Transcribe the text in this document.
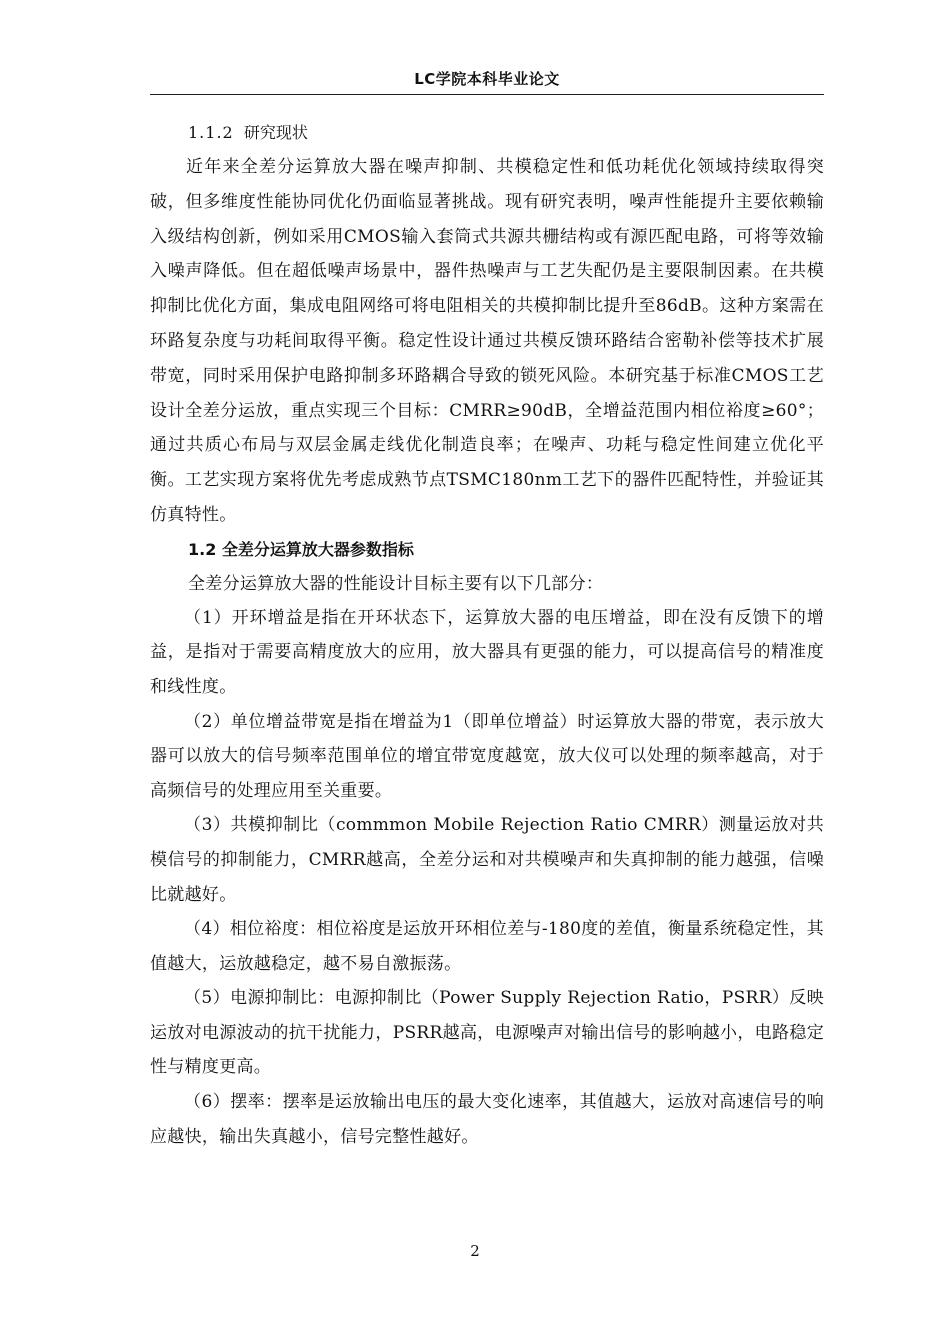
LC学院本科毕业论文
1.1.2 研究现状

近年来全差分运算放大器在噪声抑制、共模稳定性和低功耗优化领域持续取得突破，但多维度性能协同优化仍面临显著挑战。现有研究表明，噪声性能提升主要依赖输入级结构创新，例如采用CMOS输入套筒式共源共栅结构或有源匹配电路，可将等效输入噪声降低。但在超低噪声场景中，器件热噪声与工艺失配仍是主要限制因素。在共模抑制比优化方面，集成电阻网络可将电阻相关的共模抑制比提升至86dB。这种方案需在环路复杂度与功耗间取得平衡。稳定性设计通过共模反馈环路结合密勒补偿等技术扩展带宽，同时采用保护电路抑制多环路耦合导致的锁死风险。本研究基于标准CMOS工艺设计全差分运放，重点实现三个目标：CMRR≥90dB，全增益范围内相位裕度≥60°；通过共质心布局与双层金属走线优化制造良率；在噪声、功耗与稳定性间建立优化平衡。工艺实现方案将优先考虑成熟节点TSMC180nm工艺下的器件匹配特性，并验证其仿真特性。

1.2 全差分运算放大器参数指标

全差分运算放大器的性能设计目标主要有以下几部分：

（1）开环增益是指在开环状态下，运算放大器的电压增益，即在没有反馈下的增益，是指对于需要高精度放大的应用，放大器具有更强的能力，可以提高信号的精准度和线性度。

（2）单位增益带宽是指在增益为1（即单位增益）时运算放大器的带宽，表示放大器可以放大的信号频率范围单位的增宜带宽度越宽，放大仪可以处理的频率越高，对于高频信号的处理应用至关重要。

（3）共模抑制比（commmon Mobile Rejection Ratio CMRR）测量运放对共模信号的抑制能力，CMRR越高，全差分运和对共模噪声和失真抑制的能力越强，信噪比就越好。

（4）相位裕度：相位裕度是运放开环相位差与-180度的差值，衡量系统稳定性，其值越大，运放越稳定，越不易自激振荡。

（5）电源抑制比：电源抑制比（Power Supply Rejection Ratio，PSRR）反映运放对电源波动的抗干扰能力，PSRR越高，电源噪声对输出信号的影响越小，电路稳定性与精度更高。

（6）摆率：摆率是运放输出电压的最大变化速率，其值越大，运放对高速信号的响应越快，输出失真越小，信号完整性越好。

2
